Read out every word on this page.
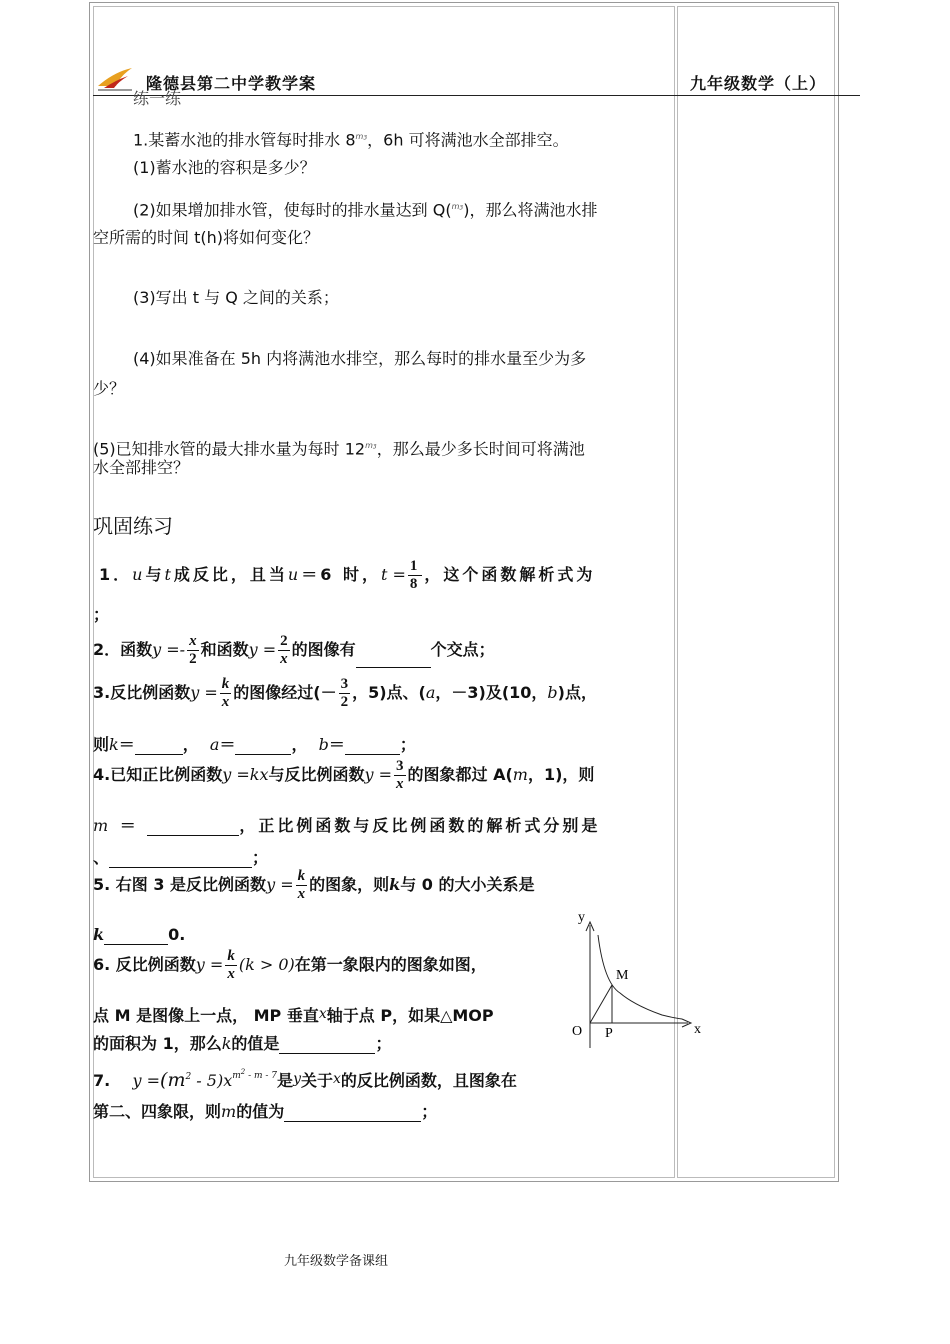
隆德县第二中学教学案	九年级数学（上）
练一练
1.某蓄水池的排水管每时排水 $8^{m3}$，6h 可将满池水全部排空。
(1)蓄水池的容积是多少？
(2)如果增加排水管，使每时的排水量达到 Q($^{m3}$)，那么将满池水排
空所需的时间 t(h)将如何变化？
(3)写出 t 与 Q 之间的关系；
(4)如果准备在 5h 内将满池水排空，那么每时的排水量至少为多
少？
(5)已知排水管的最大排水量为每时 $12^{m3}$，那么最少多长时间可将满池
水全部排空？
巩固练习
1．u与t成反比，且当u＝6 时，$t = \frac{1}{8}$ ，这个函数解析式为
；
2．函数$y =- \frac{x}{2}$ 和函数$y = \frac{2}{x}$ 的图像有	个交点；
3.反比例函数$y = \frac{k}{x}$ 的图像经过(－ $\frac{3}{2}$ ，5)点、(a，－3)及(10，b)点，
则k＝	， a＝	， b＝	；
4.已知正比例函数y =kx与反比例函数$y = \frac{3}{x}$ 的图象都过 A(m，1)，则
m ＝	，正比例函数与反比例函数的解析式分别是
、	；
5. 右图 3 是反比例函数$y = \frac{k}{x}$ 的图象，则k与 0 的大小关系是
k	0.
6. 反比例函数$y = \frac{k}{x} (k > 0)$在第一象限内的图象如图，
点 M 是图像上一点， MP 垂直x轴于点 P，如果△MOP
的面积为 1，那么k的值是	；
7. $y =(m^2 - 5)x^{m2}$ $^{- m - 7}$是y关于x的反比例函数，且图象在
第二、四象限，则m的值为	；
y
x
O P
M
九年级数学备课组
